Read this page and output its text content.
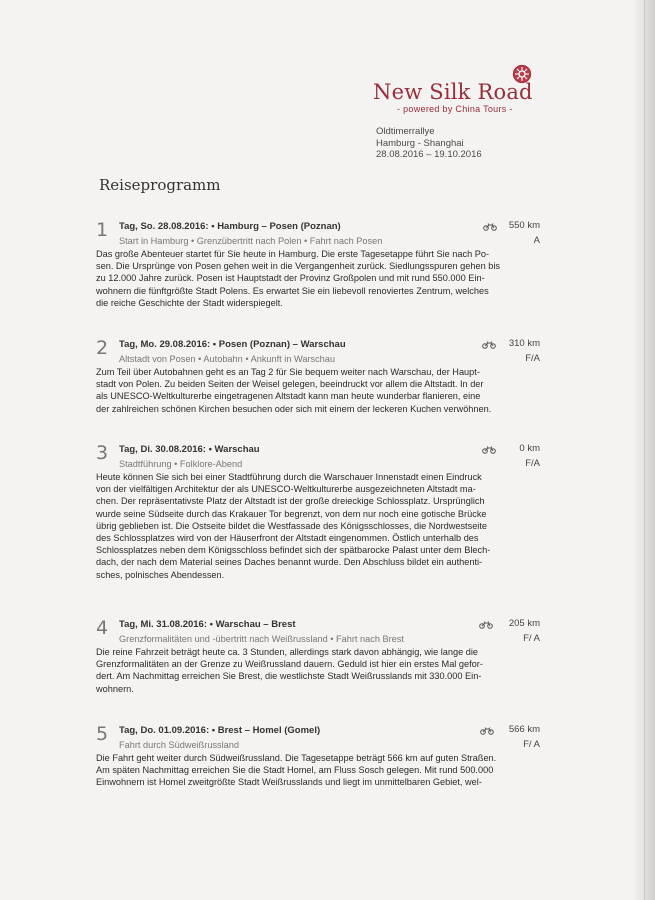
New Silk Road
- powered by China Tours -
Oldtimerrallye
Hamburg - Shanghai
28.08.2016 – 19.10.2016
Reiseprogramm
1 Tag, So. 28.08.2016: • Hamburg – Posen (Poznan)
Start in Hamburg • Grenzübertritt nach Polen • Fahrt nach Posen
550 km
A
Das große Abenteuer startet für Sie heute in Hamburg. Die erste Tagesetappe führt Sie nach Po-
sen. Die Ursprünge von Posen gehen weit in die Vergangenheit zurück. Siedlungsspuren gehen bis
zu 12.000 Jahre zurück. Posen ist Hauptstadt der Provinz Großpolen und mit rund 550.000 Ein-
wohnern die fünftgrößte Stadt Polens. Es erwartet Sie ein liebevoll renoviertes Zentrum, welches
die reiche Geschichte der Stadt widerspiegelt.
2 Tag, Mo. 29.08.2016: • Posen (Poznan) – Warschau
Altstadt von Posen • Autobahn • Ankunft in Warschau
310 km
F/A
Zum Teil über Autobahnen geht es an Tag 2 für Sie bequem weiter nach Warschau, der Haupt-
stadt von Polen. Zu beiden Seiten der Weisel gelegen, beeindruckt vor allem die Altstadt. In der
als UNESCO-Weltkulturerbe eingetragenen Altstadt kann man heute wunderbar flanieren, eine
der zahlreichen schönen Kirchen besuchen oder sich mit einem der leckeren Kuchen verwöhnen.
3 Tag, Di. 30.08.2016: • Warschau
Stadtführung • Folklore-Abend
0 km
F/A
Heute können Sie sich bei einer Stadtführung durch die Warschauer Innenstadt einen Eindruck
von der vielfältigen Architektur der als UNESCO-Weltkulturerbe ausgezeichneten Altstadt ma-
chen. Der repräsentativste Platz der Altstadt ist der große dreieckige Schlossplatz. Ursprünglich
wurde seine Südseite durch das Krakauer Tor begrenzt, von dem nur noch eine gotische Brücke
übrig geblieben ist. Die Ostseite bildet die Westfassade des Königsschlosses, die Nordwestseite
des Schlossplatzes wird von der Häuserfront der Altstadt eingenommen. Östlich unterhalb des
Schlossplatzes neben dem Königsschloss befindet sich der spätbarocke Palast unter dem Blech-
dach, der nach dem Material seines Daches benannt wurde. Den Abschluss bildet ein authenti-
sches, polnisches Abendessen.
4 Tag, Mi. 31.08.2016: • Warschau – Brest
Grenzformalitäten und -übertritt nach Weißrussland • Fahrt nach Brest
205 km
F/ A
Die reine Fahrzeit beträgt heute ca. 3 Stunden, allerdings stark davon abhängig, wie lange die
Grenzformalitäten an der Grenze zu Weißrussland dauern. Geduld ist hier ein erstes Mal gefor-
dert. Am Nachmittag erreichen Sie Brest, die westlichste Stadt Weißrusslands mit 330.000 Ein-
wohnern.
5 Tag, Do. 01.09.2016: • Brest – Homel (Gomel)
Fahrt durch Südweißrussland
566 km
F/ A
Die Fahrt geht weiter durch Südweißrussland. Die Tagesetappe beträgt 566 km auf guten Straßen.
Am späten Nachmittag erreichen Sie die Stadt Homel, am Fluss Sosch gelegen. Mit rund 500.000
Einwohnern ist Homel zweitgrößte Stadt Weißrusslands und liegt im unmittelbaren Gebiet, wel-
